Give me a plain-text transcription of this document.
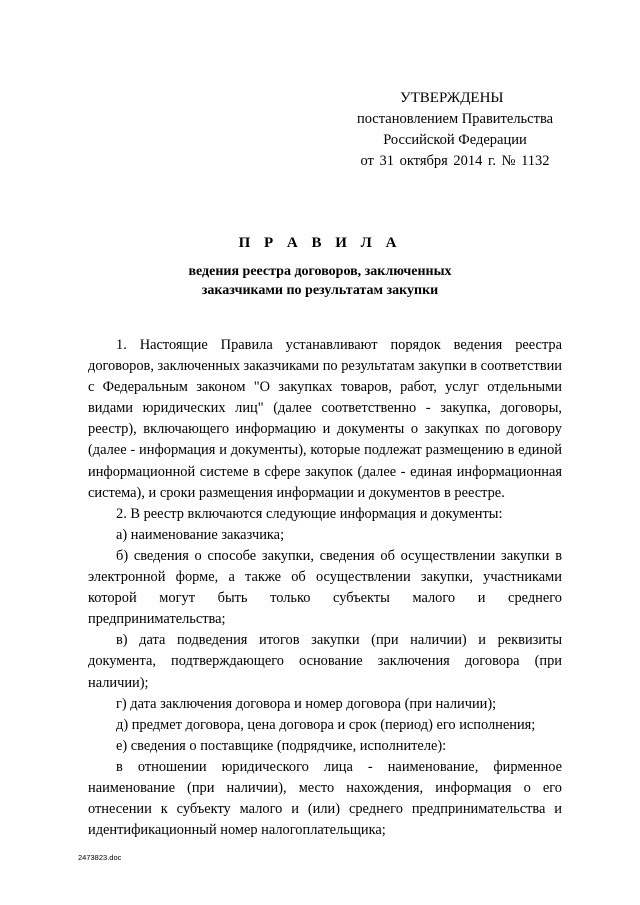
УТВЕРЖДЕНЫ
постановлением Правительства
Российской Федерации
от 31 октября 2014 г. № 1132
П Р А В И Л А
ведения реестра договоров, заключенных
заказчиками по результатам закупки

1. Настоящие Правила устанавливают порядок ведения реестра договоров, заключенных заказчиками по результатам закупки в соответствии с Федеральным законом "О закупках товаров, работ, услуг отдельными видами юридических лиц" (далее соответственно - закупка, договоры, реестр), включающего информацию и документы о закупках по договору (далее - информация и документы), которые подлежат размещению в единой информационной системе в сфере закупок (далее - единая информационная система), и сроки размещения информации и документов в реестре.

2. В реестр включаются следующие информация и документы:

а) наименование заказчика;

б) сведения о способе закупки, сведения об осуществлении закупки в электронной форме, а также об осуществлении закупки, участниками которой могут быть только субъекты малого и среднего предпринимательства;

в) дата подведения итогов закупки (при наличии) и реквизиты документа, подтверждающего основание заключения договора (при наличии);

г) дата заключения договора и номер договора (при наличии);

д) предмет договора, цена договора и срок (период) его исполнения;

е) сведения о поставщике (подрядчике, исполнителе):

в отношении юридического лица - наименование, фирменное наименование (при наличии), место нахождения, информация о его отнесении к субъекту малого и (или) среднего предпринимательства и идентификационный номер налогоплательщика;

2473823.doc
